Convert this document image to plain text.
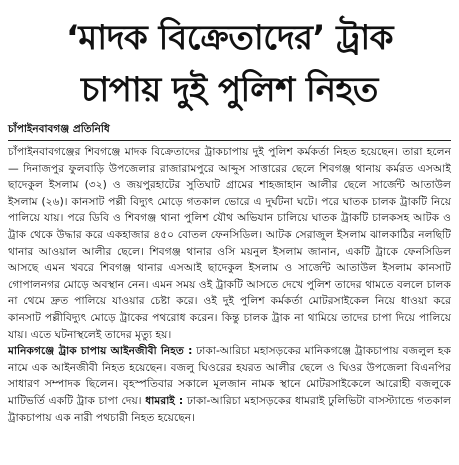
‘মাদক বিক্রেতাদের’ ট্রাক
চাপায় দুই পুলিশ নিহত
চাঁপাইনবাবগঞ্জ প্রতিনিধি

চাঁপাইনবাবগঞ্জের শিবগঞ্জে মাদক বিক্রেতাদের ট্রাকচাপায় দুই পুলিশ কর্মকর্তা নিহত হয়েছেন। তারা হলেন— দিনাজপুর ফুলবাড়ি উপজেলার রাজারামপুরে আব্দুস সাত্তারের ছেলে শিবগঞ্জ থানায় কর্মরত এসআই ছাদেকুল ইসলাম (৩২) ও জয়পুরহাটের সুতিঘাট গ্রামের শাহজাহান আলীর ছেলে সার্জেন্ট আতাউল ইসলাম (২৬)। কানসাট পল্লী বিদ্যুৎ মোড়ে গতকাল ভোরে এ দুর্ঘটনা ঘটে। পরে ঘাতক চালক ট্রাকটি নিয়ে পালিয়ে যায়। পরে ডিবি ও শিবগঞ্জ থানা পুলিশ যৌথ অভিযান চালিয়ে ঘাতক ট্রাকটি চালকসহ আটক ও ট্রাক থেকে উদ্ধার করে একহাজার ৪৫০ বোতল ফেনসিডিল। আটক সেরাজুল ইসলাম ঝালকাঠির নলছিটি থানার আওয়াল আলীর ছেলে। শিবগঞ্জ থানার ওসি ময়নুল ইসলাম জানান, একটি ট্রাকে ফেনসিডিল আসছে এমন খবরে শিবগঞ্জ থানার এসআই ছাদেকুল ইসলাম ও সার্জেন্ট আতাউল ইসলাম কানসাট গোপালনগর মোড়ে অবস্থান নেন। এমন সময় ওই ট্রাকটি আসতে দেখে পুলিশ তাদের থামতে বললে চালক না থেমে দ্রুত পালিয়ে যাওয়ার চেষ্টা করে। ওই দুই পুলিশ কর্মকর্তা মোটরসাইকেল নিয়ে ধাওয়া করে কানসাট পল্লীবিদ্যুৎ মোড়ে ট্রাকের পথরোধ করেন। কিন্তু চালক ট্রাক না থামিয়ে তাদের চাপা দিয়ে পালিয়ে যায়। এতে ঘটনাস্থলেই তাদের মৃত্যু হয়।

মানিকগঞ্জে ট্রাক চাপায় আইনজীবী নিহত : ঢাকা-আরিচা মহাসড়কের মানিকগঞ্জে ট্রাকচাপায় বজলুল হক নামে এক আইনজীবী নিহত হয়েছেন। বজলু ঘিওরের হযরত আলীর ছেলে ও ঘিওর উপজেলা বিএনপির সাধারণ সম্পাদক ছিলেন। বৃহস্পতিবার সকালে মূলজান নামক স্থানে মোটরসাইকেলে আরোহী বজলুকে মাটিভর্তি একটি ট্রাক চাপা দেয়। ধামরাই : ঢাকা-আরিচা মহাসড়কের ধামরাই ঢুলিভিটা বাসস্ট্যান্ডে গতকাল ট্রাকচাপায় এক নারী পথচারী নিহত হয়েছেন।
